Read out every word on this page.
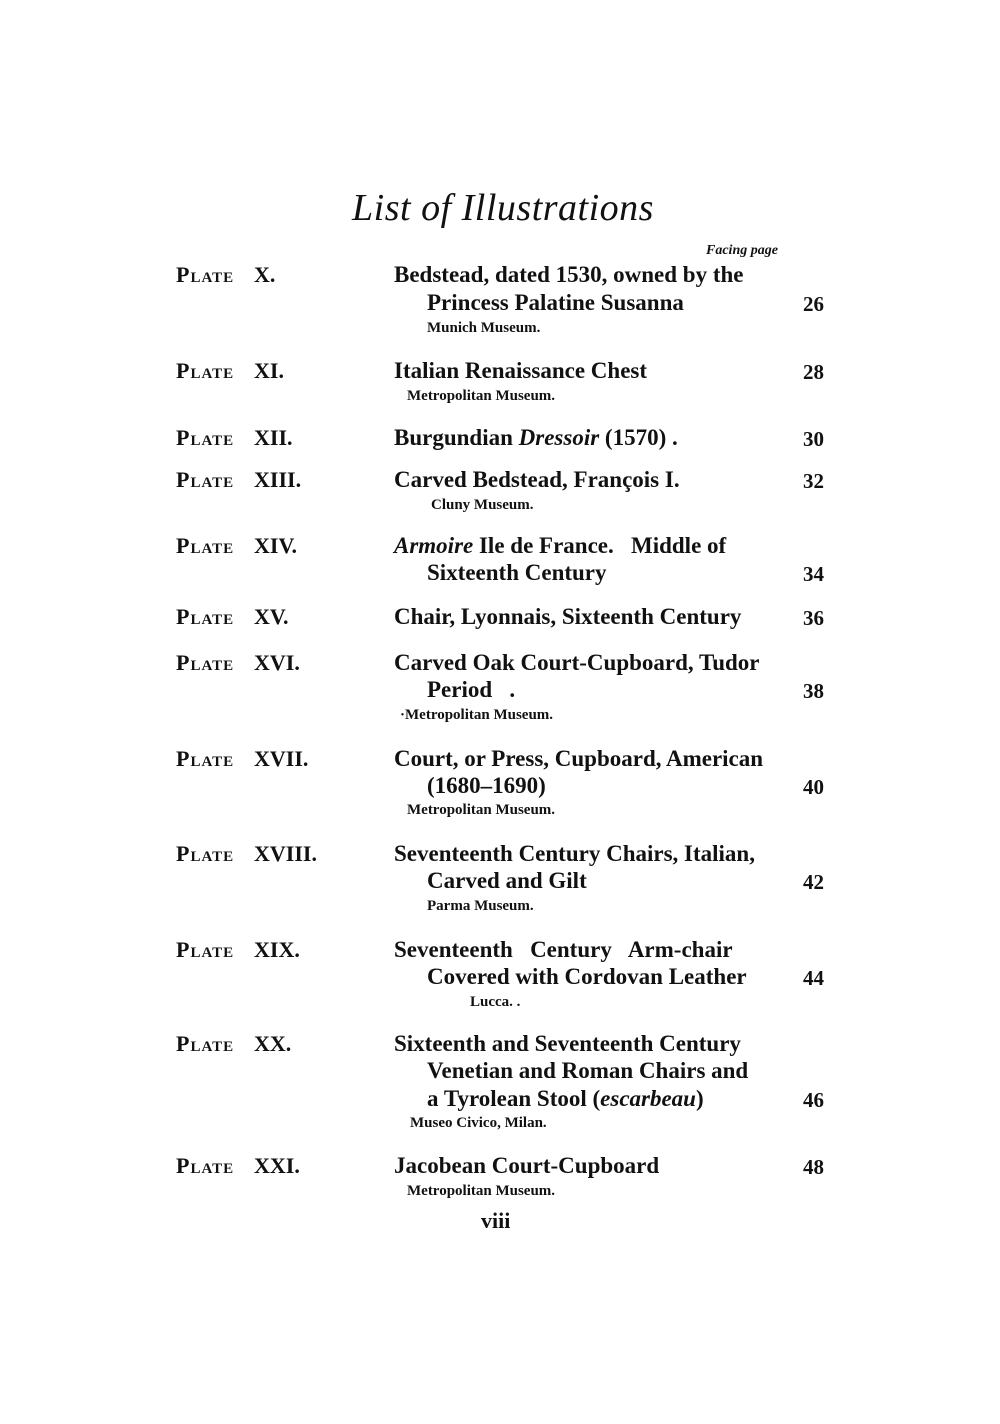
List of Illustrations
Facing page
Plate X.	Bedstead, dated 1530, owned by the
Princess Palatine Susanna	26
Munich Museum.
Plate XI.	Italian Renaissance Chest	28
Metropolitan Museum.
Plate XII.	Burgundian Dressoir (1570) .	30
Plate XIII.	Carved Bedstead, François I.	32
Cluny Museum.
Plate XIV.	Armoire Ile de France.   Middle of
Sixteenth Century	34
Plate XV.	Chair, Lyonnais, Sixteenth Century	36
Plate XVI.	Carved Oak Court-Cupboard, Tudor
Period   .	38
·Metropolitan Museum.
Plate XVII.	Court, or Press, Cupboard, American
(1680–1690)	40
Metropolitan Museum.
Plate XVIII.	Seventeenth Century Chairs, Italian,
Carved and Gilt	42
Parma Museum.
Plate XIX.	Seventeenth   Century   Arm-chair
Covered with Cordovan Leather	44
Lucca. .
Plate XX.	Sixteenth and Seventeenth Century
Venetian and Roman Chairs and
a Tyrolean Stool (escarbeau)	46
Museo Civico, Milan.
Plate XXI.	Jacobean Court-Cupboard	48
Metropolitan Museum.
viii
